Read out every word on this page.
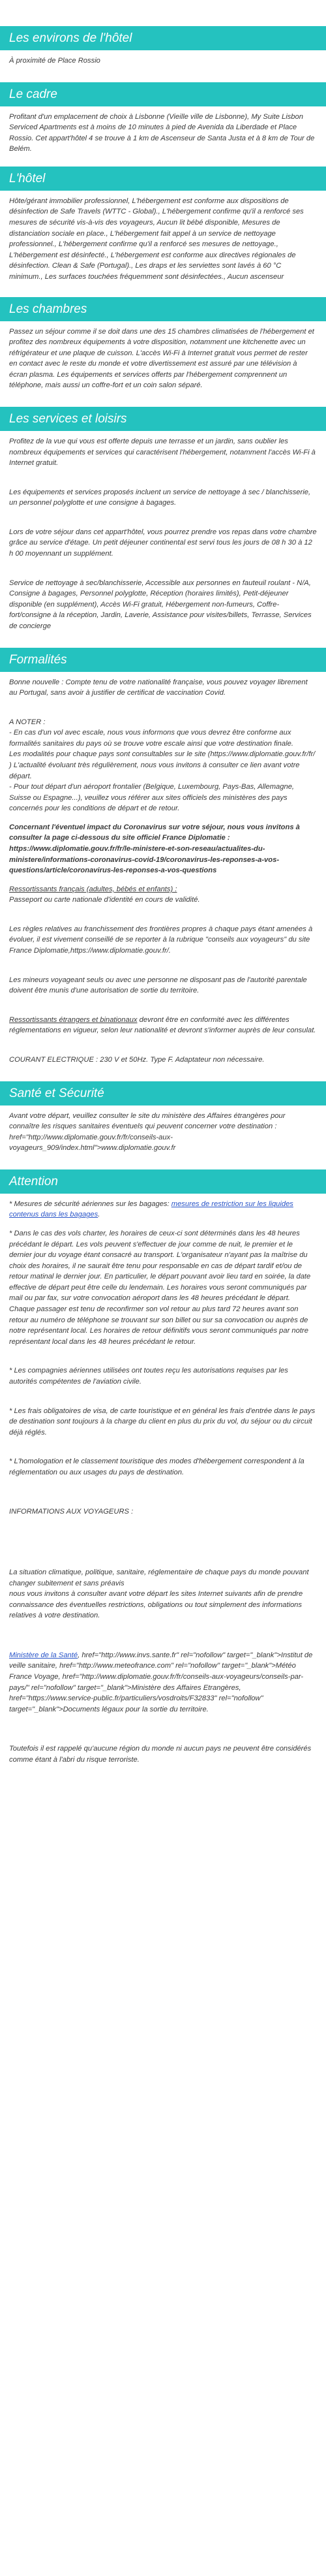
Les environs de l'hôtel

À proximité de Place Rossio

Le cadre

Profitant d'un emplacement de choix à Lisbonne (Vieille ville de Lisbonne), My Suite Lisbon Serviced Apartments est à moins de 10 minutes à pied de Avenida da Liberdade et Place Rossio. Cet appart'hôtel 4 se trouve à 1 km de Ascenseur de Santa Justa et à 8 km de Tour de Belém.

L'hôtel

Hôte/gérant immobilier professionnel, L'hébergement est conforme aux dispositions de désinfection de Safe Travels (WTTC - Global)., L'hébergement confirme qu'il a renforcé ses mesures de sécurité vis-à-vis des voyageurs, Aucun lit bébé disponible, Mesures de distanciation sociale en place., L'hébergement fait appel à un service de nettoyage professionnel., L'hébergement confirme qu'il a renforcé ses mesures de nettoyage., L'hébergement est désinfecté., L'hébergement est conforme aux directives régionales de désinfection. Clean & Safe (Portugal)., Les draps et les serviettes sont lavés à 60 °C minimum., Les surfaces touchées fréquemment sont désinfectées., Aucun ascenseur

Les chambres

Passez un séjour comme il se doit dans une des 15 chambres climatisées de l'hébergement et profitez des nombreux équipements à votre disposition, notamment une kitchenette avec un réfrigérateur et une plaque de cuisson. L'accès Wi-Fi à Internet gratuit vous permet de rester en contact avec le reste du monde et votre divertissement est assuré par une télévision à écran plasma. Les équipements et services offerts par l'hébergement comprennent un téléphone, mais aussi un coffre-fort et un coin salon séparé.

Les services et loisirs

Profitez de la vue qui vous est offerte depuis une terrasse et un jardin, sans oublier les nombreux équipements et services qui caractérisent l'hébergement, notamment l'accès Wi-Fi à Internet gratuit.

Les équipements et services proposés incluent un service de nettoyage à sec / blanchisserie, un personnel polyglotte et une consigne à bagages.

Lors de votre séjour dans cet appart'hôtel, vous pourrez prendre vos repas dans votre chambre grâce au service d'étage. Un petit déjeuner continental est servi tous les jours de 08 h 30 à 12 h 00 moyennant un supplément.

Service de nettoyage à sec/blanchisserie, Accessible aux personnes en fauteuil roulant - N/A, Consigne à bagages, Personnel polyglotte, Réception (horaires limités), Petit-déjeuner disponible (en supplément), Accès Wi-Fi gratuit, Hébergement non-fumeurs, Coffre-fort/consigne à la réception, Jardin, Laverie, Assistance pour visites/billets, Terrasse, Services de concierge

Formalités

Bonne nouvelle : Compte tenu de votre nationalité française, vous pouvez voyager librement au Portugal, sans avoir à justifier de certificat de vaccination Covid.

A NOTER :
- En cas d'un vol avec escale, nous vous informons que vous devrez être conforme aux formalités sanitaires du pays où se trouve votre escale ainsi que votre destination finale.
Les modalités pour chaque pays sont consultables sur le site (https://www.diplomatie.gouv.fr/fr/ ) L'actualité évoluant très régulièrement, nous vous invitons à consulter ce lien avant votre départ.
- Pour tout départ d'un aéroport frontalier (Belgique, Luxembourg, Pays-Bas, Allemagne, Suisse ou Espagne...), veuillez vous référer aux sites officiels des ministères des pays concernés pour les conditions de départ et de retour.

Concernant l'éventuel impact du Coronavirus sur votre séjour, nous vous invitons à consulter la page ci-dessous du site officiel France Diplomatie : https://www.diplomatie.gouv.fr/fr/le-ministere-et-son-reseau/actualites-du-ministere/informations-coronavirus-covid-19/coronavirus-les-reponses-a-vos-questions/article/coronavirus-les-reponses-a-vos-questions

Ressortissants français (adultes, bébés et enfants) :
Passeport ou carte nationale d'identité en cours de validité.

Les règles relatives au franchissement des frontières propres à chaque pays étant amenées à évoluer, il est vivement conseillé de se reporter à la rubrique "conseils aux voyageurs" du site France Diplomatie,https://www.diplomatie.gouv.fr/.

Les mineurs voyageant seuls ou avec une personne ne disposant pas de l'autorité parentale doivent être munis d'une autorisation de sortie du territoire.

Ressortissants étrangers et binationaux devront être en conformité avec les différentes réglementations en vigueur, selon leur nationalité et devront s'informer auprès de leur consulat.

COURANT ELECTRIQUE : 230 V et 50Hz. Type F. Adaptateur non nécessaire.

Santé et Sécurité

Avant votre départ, veuillez consulter le site du ministère des Affaires étrangères pour connaître les risques sanitaires éventuels qui peuvent concerner votre destination : href="http://www.diplomatie.gouv.fr/fr/conseils-aux-voyageurs_909/index.html">www.diplomatie.gouv.fr

Attention

* Mesures de sécurité aériennes sur les bagages: mesures de restriction sur les liquides contenus dans les bagages.

* Dans le cas des vols charter, les horaires de ceux-ci sont déterminés dans les 48 heures précédant le départ. Les vols peuvent s'effectuer de jour comme de nuit, le premier et le dernier jour du voyage étant consacré au transport. L'organisateur n'ayant pas la maîtrise du choix des horaires, il ne saurait être tenu pour responsable en cas de départ tardif et/ou de retour matinal le dernier jour. En particulier, le départ pouvant avoir lieu tard en soirée, la date effective de départ peut être celle du lendemain. Les horaires vous seront communiqués par mail ou par fax, sur votre convocation aéroport dans les 48 heures précédant le départ. Chaque passager est tenu de reconfirmer son vol retour au plus tard 72 heures avant son retour au numéro de téléphone se trouvant sur son billet ou sur sa convocation ou auprès de notre représentant local. Les horaires de retour définitifs vous seront communiqués par notre représentant local dans les 48 heures précédant le retour.

* Les compagnies aériennes utilisées ont toutes reçu les autorisations requises par les autorités compétentes de l'aviation civile.

* Les frais obligatoires de visa, de carte touristique et en général les frais d'entrée dans le pays de destination sont toujours à la charge du client en plus du prix du vol, du séjour ou du circuit déjà réglés.

* L'homologation et le classement touristique des modes d'hébergement correspondent à la réglementation ou aux usages du pays de destination.

INFORMATIONS AUX VOYAGEURS :

La situation climatique, politique, sanitaire, réglementaire de chaque pays du monde pouvant changer subitement et sans préavis
nous vous invitons à consulter avant votre départ les sites Internet suivants afin de prendre connaissance des éventuelles restrictions, obligations ou tout simplement des informations relatives à votre destination.

Ministère de la Santé, href="http://www.invs.sante.fr" rel="nofollow" target="_blank">Institut de veille sanitaire, href="http://www.meteofrance.com" rel="nofollow" target="_blank">Météo France Voyage, href="http://www.diplomatie.gouv.fr/fr/conseils-aux-voyageurs/conseils-par-pays/" rel="nofollow" target="_blank">Ministère des Affaires Etrangères, href="https://www.service-public.fr/particuliers/vosdroits/F32833" rel="nofollow" target="_blank">Documents légaux pour la sortie du territoire.

Toutefois il est rappelé qu'aucune région du monde ni aucun pays ne peuvent être considérés comme étant à l'abri du risque terroriste.
